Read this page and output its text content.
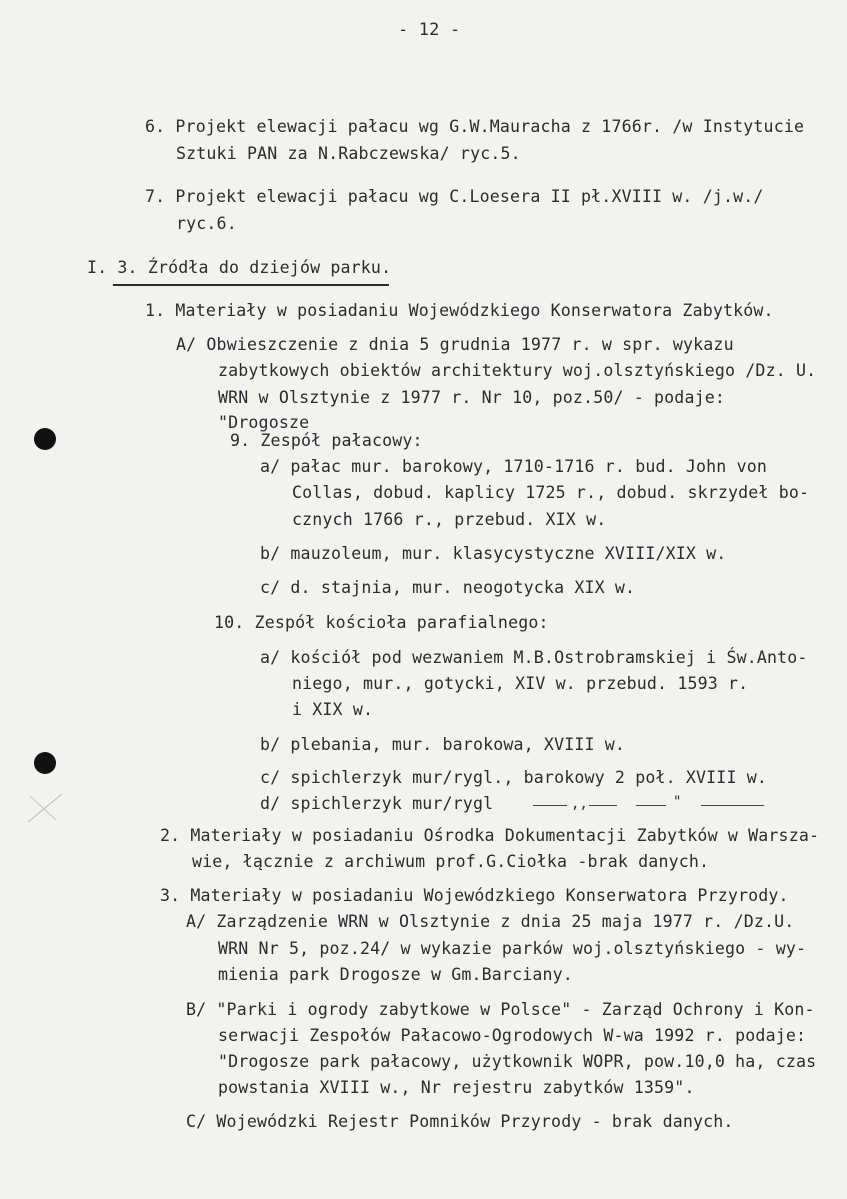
- 12 -
6. Projekt elewacji pałacu wg G.W.Mauracha z 1766r. /w Instytucie
Sztuki PAN za N.Rabczewska/ ryc.5.
7. Projekt elewacji pałacu wg C.Loesera II pł.XVIII w. /j.w./
ryc.6.
I. 3. Źródła do dziejów parku.
1. Materiały w posiadaniu Wojewódzkiego Konserwatora Zabytków.
A/ Obwieszczenie z dnia 5 grudnia 1977 r. w spr. wykazu
zabytkowych obiektów architektury woj.olsztyńskiego /Dz. U.
WRN w Olsztynie z 1977 r. Nr 10, poz.50/ - podaje:
"Drogosze
9. Zespół pałacowy:
a/ pałac mur. barokowy, 1710-1716 r. bud. John von
Collas, dobud. kaplicy 1725 r., dobud. skrzydeł bo-
cznych 1766 r., przebud. XIX w.
b/ mauzoleum, mur. klasycystyczne XVIII/XIX w.
c/ d. stajnia, mur. neogotycka XIX w.
10. Zespół kościoła parafialnego:
a/ kościół pod wezwaniem M.B.Ostrobramskiej i Św.Anto-
niego, mur., gotycki, XIV w. przebud. 1593 r.
i XIX w.
b/ plebania, mur. barokowa, XVIII w.
c/ spichlerzyk mur/rygl., barokowy 2 poł. XVIII w.
d/ spichlerzyk mur/rygl
2. Materiały w posiadaniu Ośrodka Dokumentacji Zabytków w Warsza-
wie, łącznie z archiwum prof.G.Ciołka -brak danych.
3. Materiały w posiadaniu Wojewódzkiego Konserwatora Przyrody.
A/ Zarządzenie WRN w Olsztynie z dnia 25 maja 1977 r. /Dz.U.
WRN Nr 5, poz.24/ w wykazie parków woj.olsztyńskiego - wy-
mienia park Drogosze w Gm.Barciany.
B/ "Parki i ogrody zabytkowe w Polsce" - Zarząd Ochrony i Kon-
serwacji Zespołów Pałacowo-Ogrodowych W-wa 1992 r. podaje:
"Drogosze park pałacowy, użytkownik WOPR, pow.10,0 ha, czas
powstania XVIII w., Nr rejestru zabytków 1359".
C/ Wojewódzki Rejestr Pomników Przyrody - brak danych.
,,	"
